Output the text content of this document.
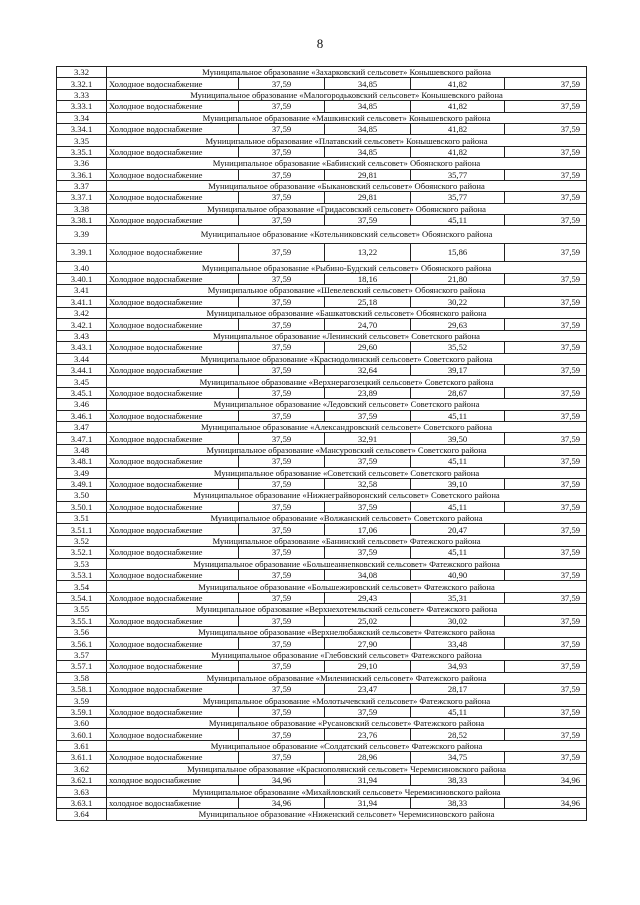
8
3.32	Муниципальное образование «Захарковский сельсовет» Конышевского района				
3.32.1	Холодное водоснабжение	37,59	34,85	41,82	37,59
3.33	Муниципальное образование «Малогородьковский сельсовет» Конышевского района				
3.33.1	Холодное водоснабжение	37,59	34,85	41,82	37,59
3.34	Муниципальное образование «Машкинский сельсовет» Конышевского района				
3.34.1	Холодное водоснабжение	37,59	34,85	41,82	37,59
3.35	Муниципальное образование «Платавский сельсовет» Конышевского района				
3.35.1	Холодное водоснабжение	37,59	34,85	41,82	37,59
3.36	Муниципальное образование «Бабинский сельсовет» Обоянского района				
3.36.1	Холодное водоснабжение	37,59	29,81	35,77	37,59
3.37	Муниципальное образование «Быкановский сельсовет» Обоянского района				
3.37.1	Холодное водоснабжение	37,59	29,81	35,77	37,59
3.38	Муниципальное образование «Гридасовский сельсовет» Обоянского района				
3.38.1	Холодное водоснабжение	37,59	37,59	45,11	37,59
3.39	Муниципальное образование «Котельниковский сельсовет» Обоянского района				
3.39.1	Холодное водоснабжение	37,59	13,22	15,86	37,59
3.40	Муниципальное образование «Рыбино-Будский сельсовет» Обоянского района				
3.40.1	Холодное водоснабжение	37,59	18,16	21,80	37,59
3.41	Муниципальное образование «Шевелевский сельсовет» Обоянского района				
3.41.1	Холодное водоснабжение	37,59	25,18	30,22	37,59
3.42	Муниципальное образование «Башкатовский сельсовет» Обоянского района				
3.42.1	Холодное водоснабжение	37,59	24,70	29,63	37,59
3.43	Муниципальное образование «Ленинский сельсовет» Советского района				
3.43.1	Холодное водоснабжение	37,59	29,60	35,52	37,59
3.44	Муниципальное образование «Краснодолинский сельсовет» Советского района				
3.44.1	Холодное водоснабжение	37,59	32,64	39,17	37,59
3.45	Муниципальное образование «Верхнерагозецкий сельсовет» Советского района				
3.45.1	Холодное водоснабжение	37,59	23,89	28,67	37,59
3.46	Муниципальное образование «Ледовский сельсовет» Советского района				
3.46.1	Холодное водоснабжение	37,59	37,59	45,11	37,59
3.47	Муниципальное образование «Александровский сельсовет» Советского района				
3.47.1	Холодное водоснабжение	37,59	32,91	39,50	37,59
3.48	Муниципальное образование «Мансуровский сельсовет» Советского района				
3.48.1	Холодное водоснабжение	37,59	37,59	45,11	37,59
3.49	Муниципальное образование «Советский сельсовет» Советского района				
3.49.1	Холодное водоснабжение	37,59	32,58	39,10	37,59
3.50	Муниципальное образование «Нижнеграйворонский сельсовет» Советского района				
3.50.1	Холодное водоснабжение	37,59	37,59	45,11	37,59
3.51	Муниципальное образование «Волжанский сельсовет» Советского района				
3.51.1	Холодное водоснабжение	37,59	17,06	20,47	37,59
3.52	Муниципальное образование «Банинский сельсовет» Фатежского района				
3.52.1	Холодное водоснабжение	37,59	37,59	45,11	37,59
3.53	Муниципальное образование «Большеаннenковский сельсовет» Фатежского района				
3.53.1	Холодное водоснабжение	37,59	34,08	40,90	37,59
3.54	Муниципальное образование «Большежировский сельсовет» Фатежского района				
3.54.1	Холодное водоснабжение	37,59	29,43	35,31	37,59
3.55	Муниципальное образование «Верхнехотемльский сельсовет» Фатежского района				
3.55.1	Холодное водоснабжение	37,59	25,02	30,02	37,59
3.56	Муниципальное образование «Верхнелюбажский сельсовет» Фатежского района				
3.56.1	Холодное водоснабжение	37,59	27,90	33,48	37,59
3.57	Муниципальное образование «Глебовский сельсовет» Фатежского района				
3.57.1	Холодное водоснабжение	37,59	29,10	34,93	37,59
3.58	Муниципальное образование «Миленинский сельсовет» Фатежского района				
3.58.1	Холодное водоснабжение	37,59	23,47	28,17	37,59
3.59	Муниципальное образование «Молотычевский сельсовет» Фатежского района				
3.59.1	Холодное водоснабжение	37,59	37,59	45,11	37,59
3.60	Муниципальное образование «Русановский сельсовет» Фатежского района				
3.60.1	Холодное водоснабжение	37,59	23,76	28,52	37,59
3.61	Муниципальное образование «Солдатский сельсовет» Фатежского района				
3.61.1	Холодное водоснабжение	37,59	28,96	34,75	37,59
3.62	Муниципальное образование «Краснополянский сельсовет» Черемисиновского района				
3.62.1	холодное водоснабжение	34,96	31,94	38,33	34,96
3.63	Муниципальное образование «Михайловский сельсовет» Черемисиновского района				
3.63.1	холодное водоснабжение	34,96	31,94	38,33	34,96
3.64	Муниципальное образование «Ниженский сельсовет» Черемисиновского района				
